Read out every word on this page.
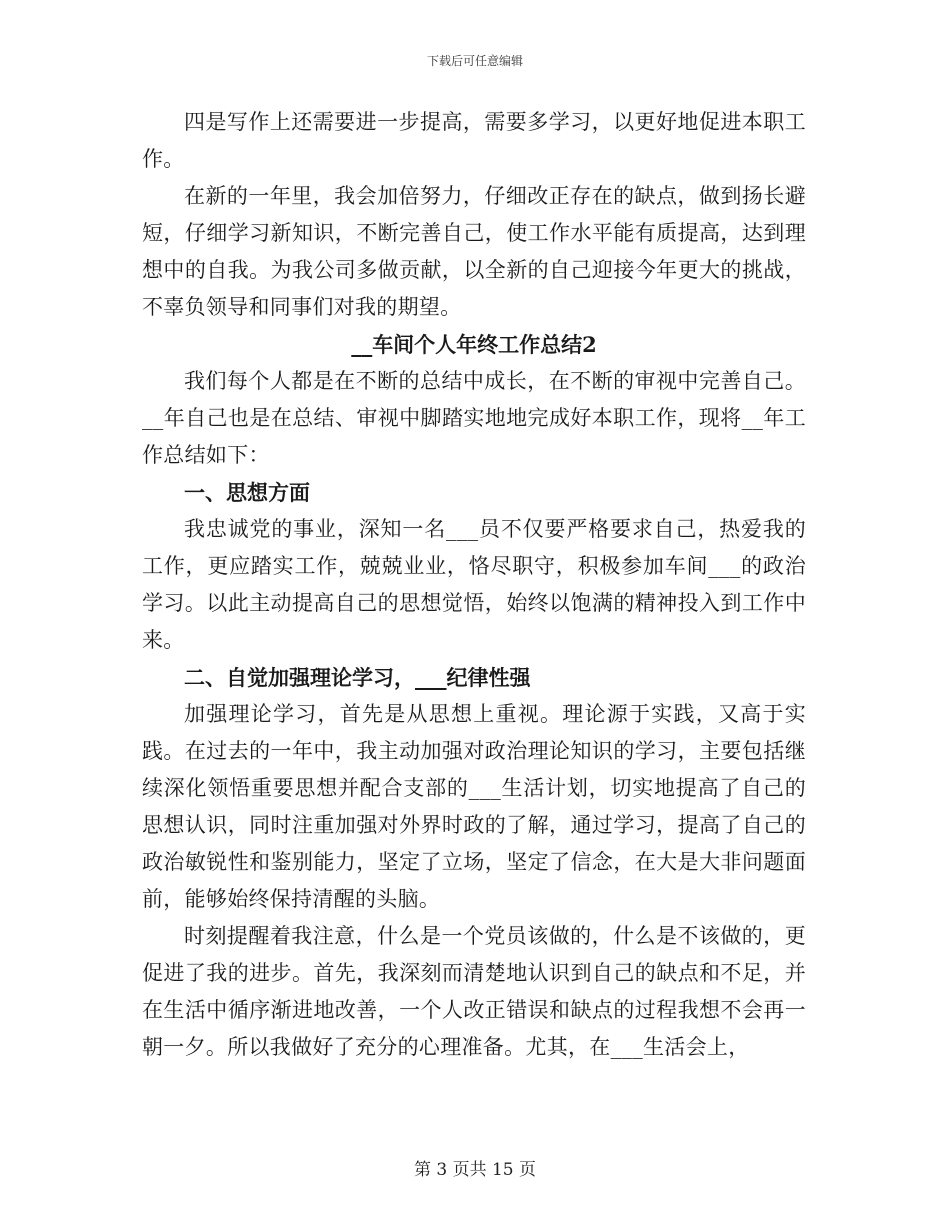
下载后可任意编辑

四是写作上还需要进一步提高，需要多学习，以更好地促进本职工作。

在新的一年里，我会加倍努力，仔细改正存在的缺点，做到扬长避短，仔细学习新知识，不断完善自己，使工作水平能有质提高，达到理想中的自我。为我公司多做贡献，以全新的自己迎接今年更大的挑战，不辜负领导和同事们对我的期望。

__车间个人年终工作总结2

我们每个人都是在不断的总结中成长，在不断的审视中完善自己。__年自己也是在总结、审视中脚踏实地地完成好本职工作，现将__年工作总结如下：

一、思想方面

我忠诚党的事业，深知一名___员不仅要严格要求自己，热爱我的工作，更应踏实工作，兢兢业业，恪尽职守，积极参加车间___的政治学习。以此主动提高自己的思想觉悟，始终以饱满的精神投入到工作中来。

二、自觉加强理论学习，___纪律性强

加强理论学习，首先是从思想上重视。理论源于实践，又高于实践。在过去的一年中，我主动加强对政治理论知识的学习，主要包括继续深化领悟重要思想并配合支部的___生活计划，切实地提高了自己的思想认识，同时注重加强对外界时政的了解，通过学习，提高了自己的政治敏锐性和鉴别能力，坚定了立场，坚定了信念，在大是大非问题面前，能够始终保持清醒的头脑。

时刻提醒着我注意，什么是一个党员该做的，什么是不该做的，更促进了我的进步。首先，我深刻而清楚地认识到自己的缺点和不足，并在生活中循序渐进地改善，一个人改正错误和缺点的过程我想不会再一朝一夕。所以我做好了充分的心理准备。尤其，在___生活会上，

第 3 页共 15 页
